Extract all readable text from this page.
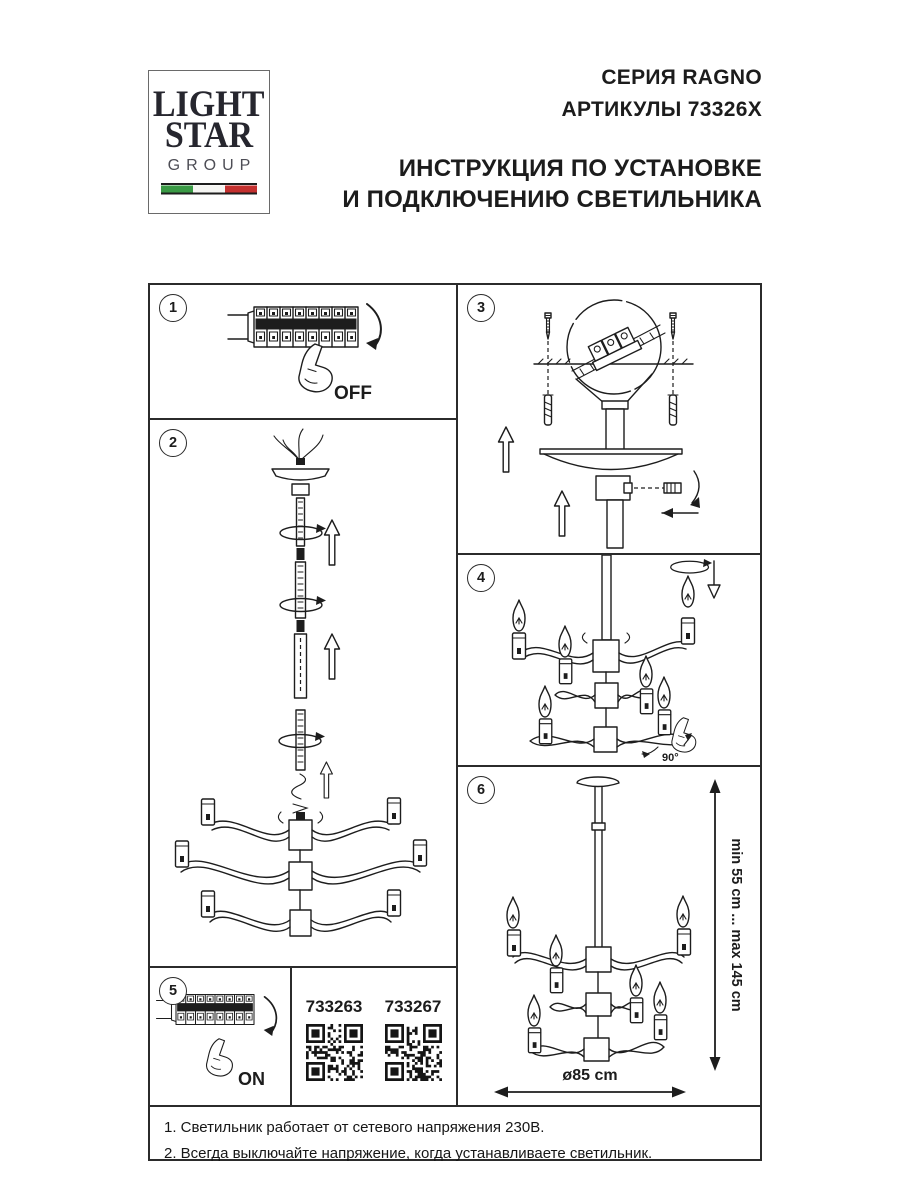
LIGHT
STAR
GROUP
СЕРИЯ RAGNO
АРТИКУЛЫ 73326X
ИНСТРУКЦИЯ ПО УСТАНОВКЕ
И ПОДКЛЮЧЕНИЮ СВЕТИЛЬНИКА
1
OFF
2
5
ON
733263 733267
3
4
90°
6
min 55 cm ... max 145 cm
ø85 cm
1. Светильник работает от сетевого напряжения 230В.
2. Всегда выключайте напряжение, когда устанавливаете светильник.
